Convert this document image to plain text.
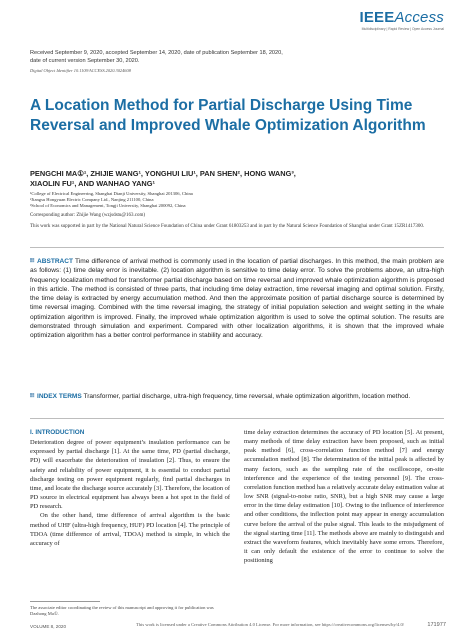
IEEEAccess
Multidisciplinary | Rapid Review | Open Access Journal
Received September 9, 2020, accepted September 14, 2020, date of publication September 18, 2020,
date of current version September 30, 2020.
Digital Object Identifier 10.1109/ACCESS.2020.3024608
A Location Method for Partial Discharge Using Time Reversal and Improved Whale Optimization Algorithm
PENGCHI MA①¹, ZHIJIE WANG¹, YONGHUI LIU¹, PAN SHEN², HONG WANG³,
XIAOLIN FU¹, AND WANHAO YANG¹
¹College of Electrical Engineering, Shanghai Dianji University, Shanghai 201306, China
²Jiangsu Hongyuan Electric Company Ltd., Nanjing 211100, China
³School of Economics and Management, Tongji University, Shanghai 200092, China
Corresponding author: Zhijie Wang (wzjsdstu@163.com)
This work was supported in part by the National Natural Science Foundation of China under Grant 61803253 and in part by the Natural Science Foundation of Shanghai under Grant 15ZR1417300.
ABSTRACT Time difference of arrival method is commonly used in the location of partial discharges. In this method, the main problem are as follows: (1) time delay error is inevitable. (2) location algorithm is sensitive to time delay error. To solve the problems above, an ultra-high frequency localization method for transformer partial discharge based on time reversal and improved whale optimization algorithm is proposed in this article. The method is consisted of three parts, that including time delay extraction, time reversal imaging and optimal solution. Firstly, the time delay is extracted by energy accumulation method. And then the approximate position of partial discharge source is determined by time reversal imaging. Combined with the time reversal imaging, the strategy of initial population selection and weight setting in the whale optimization algorithm is improved. Finally, the improved whale optimization algorithm is used to solve the optimal solution. The results are demonstrated through simulation and experiment. Compared with other localization algorithms, it is shown that the improved whale optimization algorithm has a better control performance in stability and accuracy.
INDEX TERMS Transformer, partial discharge, ultra-high frequency, time reversal, whale optimization algorithm, location method.
I. INTRODUCTION

Deterioration degree of power equipment’s insulation performance can be expressed by partial discharge [1]. At the same time, PD (partial discharge, PD) will exacerbate the deterioration of insulation [2]. Thus, to ensure the safety and reliability of power equipment, it is essential to conduct partial discharge testing on power equipment regularly, find partial discharges in time, and locate the discharge source accurately [3]. Therefore, the location of PD source in electrical equipment has always been a hot spot in the field of PD research.

On the other hand, time difference of arrival algorithm is the basic method of UHF (ultra-high frequency, HUF) PD location [4]. The principle of TDOA (time difference of arrival, TDOA) method is simple, in which the accuracy of

time delay extraction determines the accuracy of PD location [5]. At present, many methods of time delay extraction have been proposed, such as initial peak method [6], cross-correlation function method [7] and energy accumulation method [8]. The determination of the initial peak is affected by many factors, such as the sampling rate of the oscilloscope, on-site interference and the experience of the testing personnel [9]. The cross-correlation function method has a relatively accurate delay estimation value at low SNR (signal-to-noise ratio, SNR), but a high SNR may cause a large error in the time delay estimation [10]. Owing to the influence of interference and other conditions, the inflection point may appear in energy accumulation curve before the arrival of the pulse signal. This leads to the misjudgment of the signal starting time [11]. The methods above are mainly to distinguish and extract the waveform features, which inevitably have some errors. Therefore, it can only default the existence of the error to continue to solve the positioning

The associate editor coordinating the review of this manuscript and approving it for publication was Dazhong Ma①.
VOLUME 8, 2020	This work is licensed under a Creative Commons Attribution 4.0 License. For more information, see https://creativecommons.org/licenses/by/4.0/	171977
